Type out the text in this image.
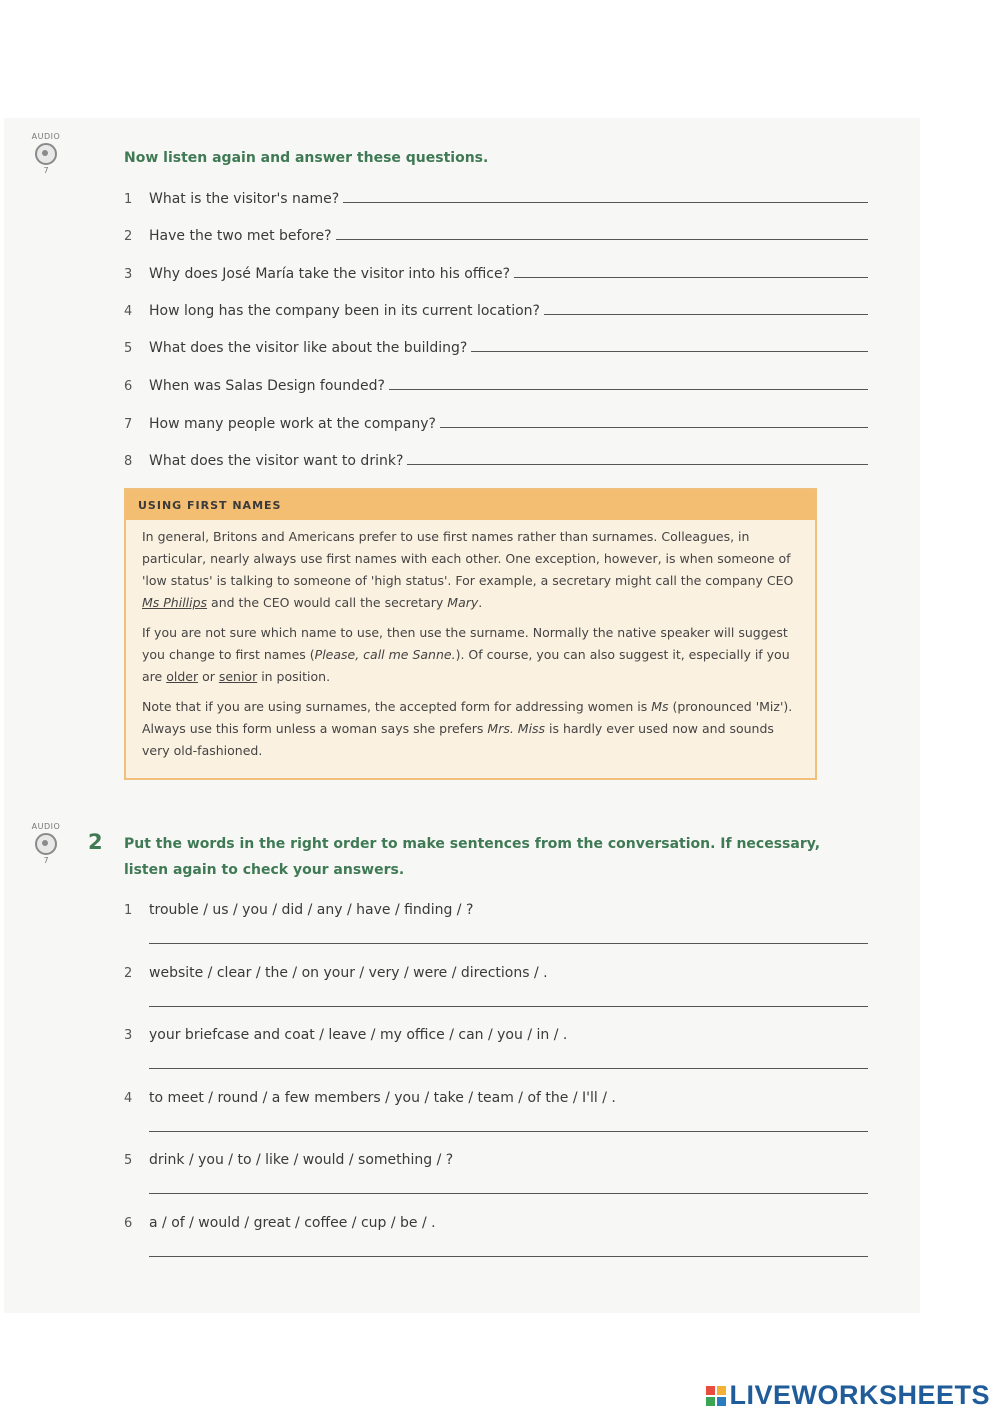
AUDIO
7
Now listen again and answer these questions.
1	What is the visitor's name?
2	Have the two met before?
3	Why does José María take the visitor into his office?
4	How long has the company been in its current location?
5	What does the visitor like about the building?
6	When was Salas Design founded?
7	How many people work at the company?
8	What does the visitor want to drink?
USING FIRST NAMES

In general, Britons and Americans prefer to use first names rather than surnames. Colleagues, in particular, nearly always use first names with each other. One exception, however, is when someone of 'low status' is talking to someone of 'high status'. For example, a secretary might call the company CEO Ms Phillips and the CEO would call the secretary Mary.

If you are not sure which name to use, then use the surname. Normally the native speaker will suggest you change to first names (Please, call me Sanne.). Of course, you can also suggest it, especially if you are older or senior in position.

Note that if you are using surnames, the accepted form for addressing women is Ms (pronounced 'Miz'). Always use this form unless a woman says she prefers Mrs. Miss is hardly ever used now and sounds very old-fashioned.

AUDIO
7
2 Put the words in the right order to make sentences from the conversation. If necessary, listen again to check your answers.
1	trouble / us / you / did / any / have / finding / ?
2	website / clear / the / on your / very / were / directions / .
3	your briefcase and coat / leave / my office / can / you / in / .
4	to meet / round / a few members / you / take / team / of the / I'll / .
5	drink / you / to / like / would / something / ?
6	a / of / would / great / coffee / cup / be / .
LIVEWORKSHEETS
